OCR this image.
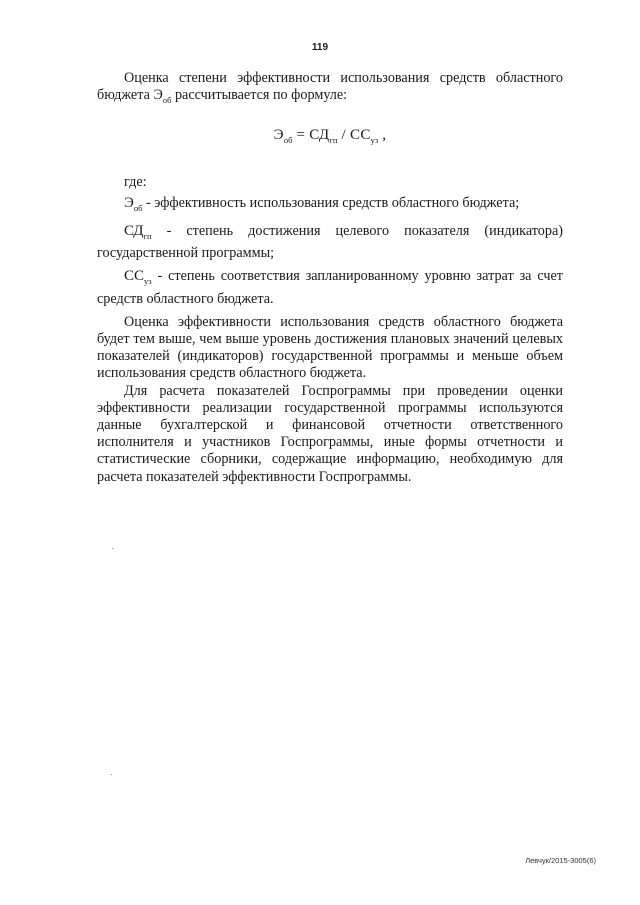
119

Оценка степени эффективности использования средств областного бюджета $Э_{об}$ рассчитывается по формуле:

$Э_{об} = СД_{гп} / СС_{уз}$ ,

где:

$Э_{об}$ - эффективность использования средств областного бюджета;

$СД_{гп}$ - степень достижения целевого показателя (индикатора)
государственной программы;
$СС_{уз}$ - степень соответствия запланированному уровню затрат за счет
средств областного бюджета.

Оценка эффективности использования средств областного бюджета будет тем выше, чем выше уровень достижения плановых значений целевых показателей (индикаторов) государственной программы и меньше объем использования средств областного бюджета.

Для расчета показателей Госпрограммы при проведении оценки эффективности реализации государственной программы используются данные бухгалтерской и финансовой отчетности ответственного исполнителя и участников Госпрограммы, иные формы отчетности и статистические сборники, содержащие информацию, необходимую для расчета показателей эффективности Госпрограммы.

Левчук/2015-3005(6)
